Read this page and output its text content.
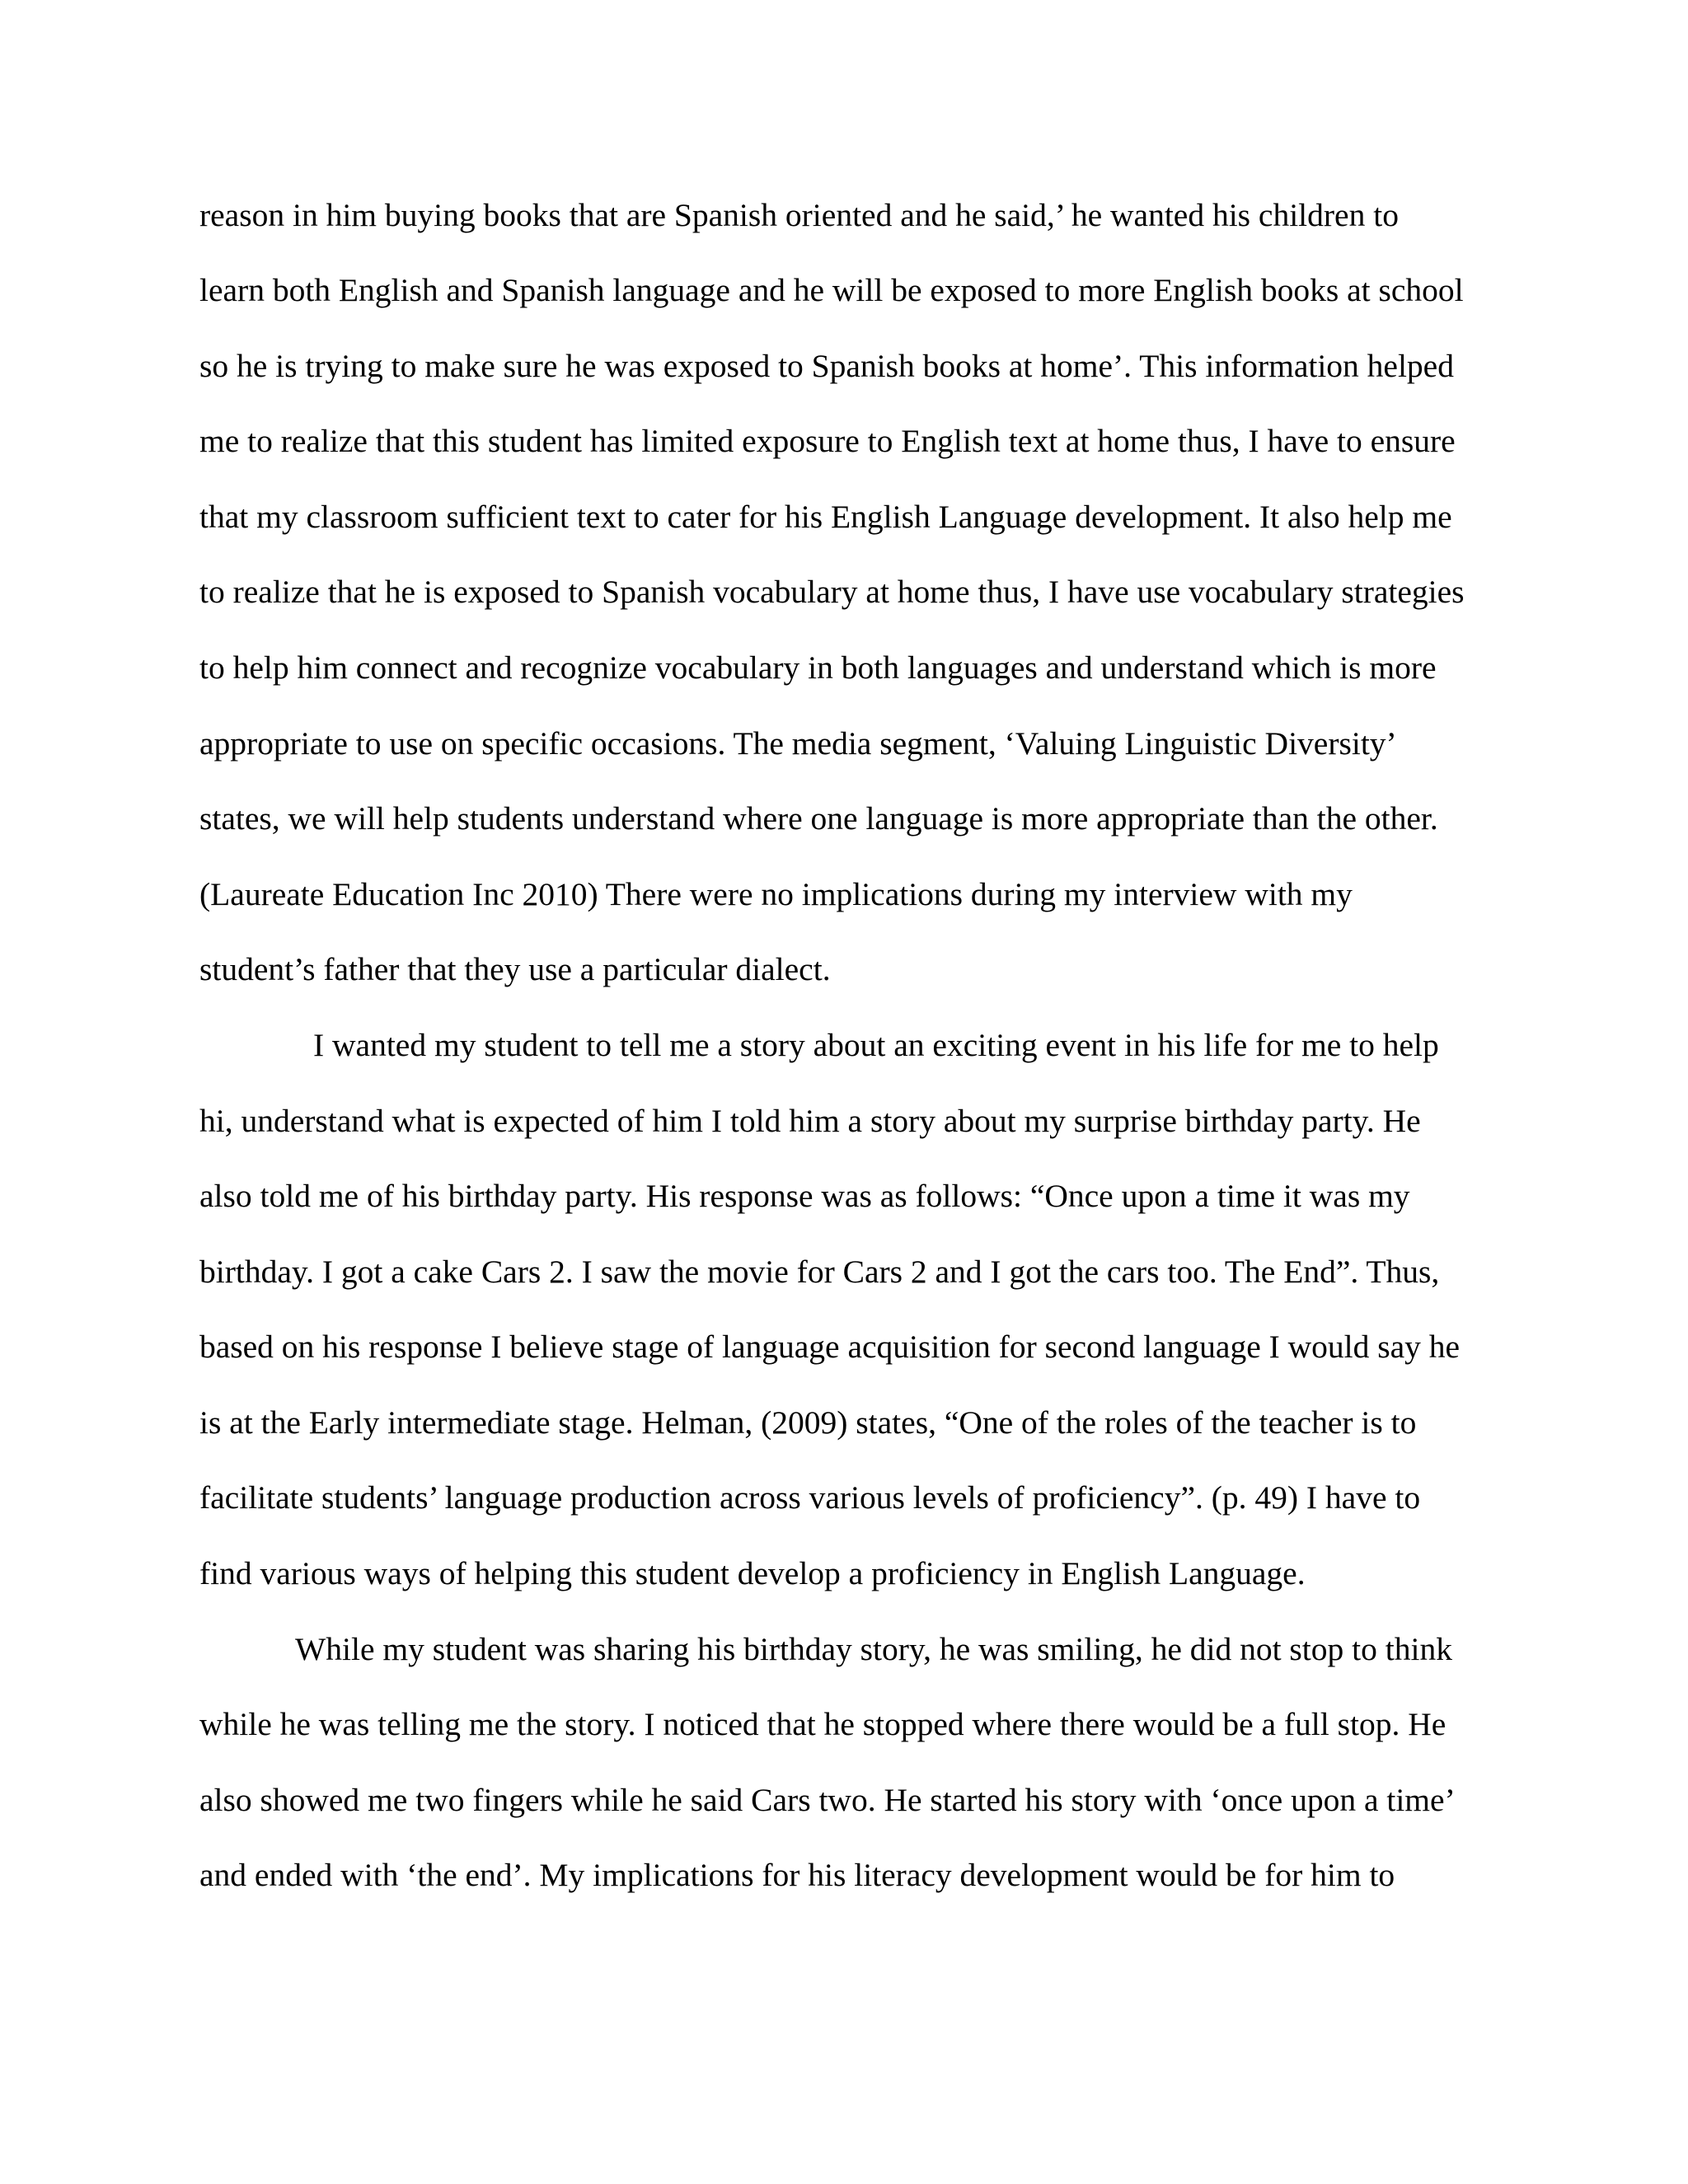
reason in him buying books that are Spanish oriented and he said,’ he wanted his children to
learn both English and Spanish language and he will be exposed to more English books at school
so he is trying to make sure he was exposed to Spanish books at home’. This information helped
me to realize that this student has limited exposure to English text at home thus, I have to ensure
that my classroom sufficient text to cater for his English Language development. It also help me
to realize that he is exposed to Spanish vocabulary at home thus, I have use vocabulary strategies
to help him connect and recognize vocabulary in both languages and understand which is more
appropriate to use on specific occasions. The media segment, ‘Valuing Linguistic Diversity’
states, we will help students understand where one language is more appropriate than the other.
(Laureate Education Inc 2010) There were no implications during my interview with my
student’s father that they use a particular dialect.
I wanted my student to tell me a story about an exciting event in his life for me to help
hi, understand what is expected of him I told him a story about my surprise birthday party. He
also told me of his birthday party. His response was as follows: “Once upon a time it was my
birthday. I got a cake Cars 2. I saw the movie for Cars 2 and I got the cars too. The End”. Thus,
based on his response I believe stage of language acquisition for second language I would say he
is at the Early intermediate stage. Helman, (2009) states, “One of the roles of the teacher is to
facilitate students’ language production across various levels of proficiency”. (p. 49) I have to
find various ways of helping this student develop a proficiency in English Language.
While my student was sharing his birthday story, he was smiling, he did not stop to think
while he was telling me the story. I noticed that he stopped where there would be a full stop. He
also showed me two fingers while he said Cars two. He started his story with ‘once upon a time’
and ended with ‘the end’. My implications for his literacy development would be for him to
